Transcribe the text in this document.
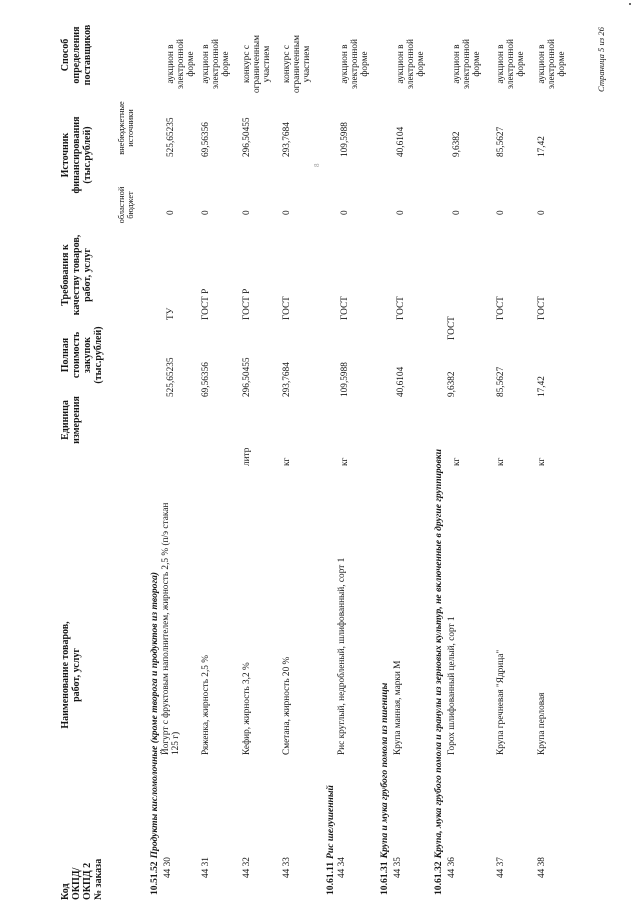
Код
ОКПД/
ОКПД 2
№ заказа
Наименование товаров,
работ, услуг
Единица
измерения
Полная
стоимость
закупок
(тыс.рублей)
Требования к
качеству товаров,
работ, услуг
Источник
финансирования
(тыс.рублей)
областной
бюджет
внебюджетные
источники
Способ
определения
поставщиков
10.51.52Продукты кисломолочные (кроме творога и продуктов из творога)
44 30
Йогурт с фруктовым наполнителем, жирность 2,5 % (п/э стакан 125 г)
525,65235
ТУ
0
525,65235
аукцион в электронной форме
44 31
Ряженка, жирность 2,5 %
69,56356
ГОСТ Р
0
69,56356
аукцион в электронной форме
44 32
Кефир, жирность 3,2 %
литр
296,50455
ГОСТ Р
0
296,50455
конкурс с ограниченным участием
44 33
Сметана, жирность 20 %
кг
293,7684
ГОСТ
0
293,7684
конкурс с ограниченным участием
10.61.11Рис шелушенный
44 34
Рис круглый, недробленый, шлифованный, сорт 1
кг
109,5988
ГОСТ
0
109,5988
8
аукцион в электронной форме
10.61.31Крупа и мука грубого помола из пшеницы
44 35
Крупа манная, марки М
40,6104
ГОСТ
0
40,6104
аукцион в электронной форме
10.61.32Крупа, мука грубого помола и гранулы из зерновых культур, не включенные в другие группировки
44 36
Горох шлифованный целый, сорт 1
кг
9,6382
ГОСТ
0
9,6382
аукцион в электронной форме
44 37
Крупа гречневая "Ядрица"
кг
85,5627
ГОСТ
0
85,5627
аукцион в электронной форме
44 38
Крупа перловая
кг
17,42
ГОСТ
0
17,42
аукцион в электронной форме	Страница 5 из 26
